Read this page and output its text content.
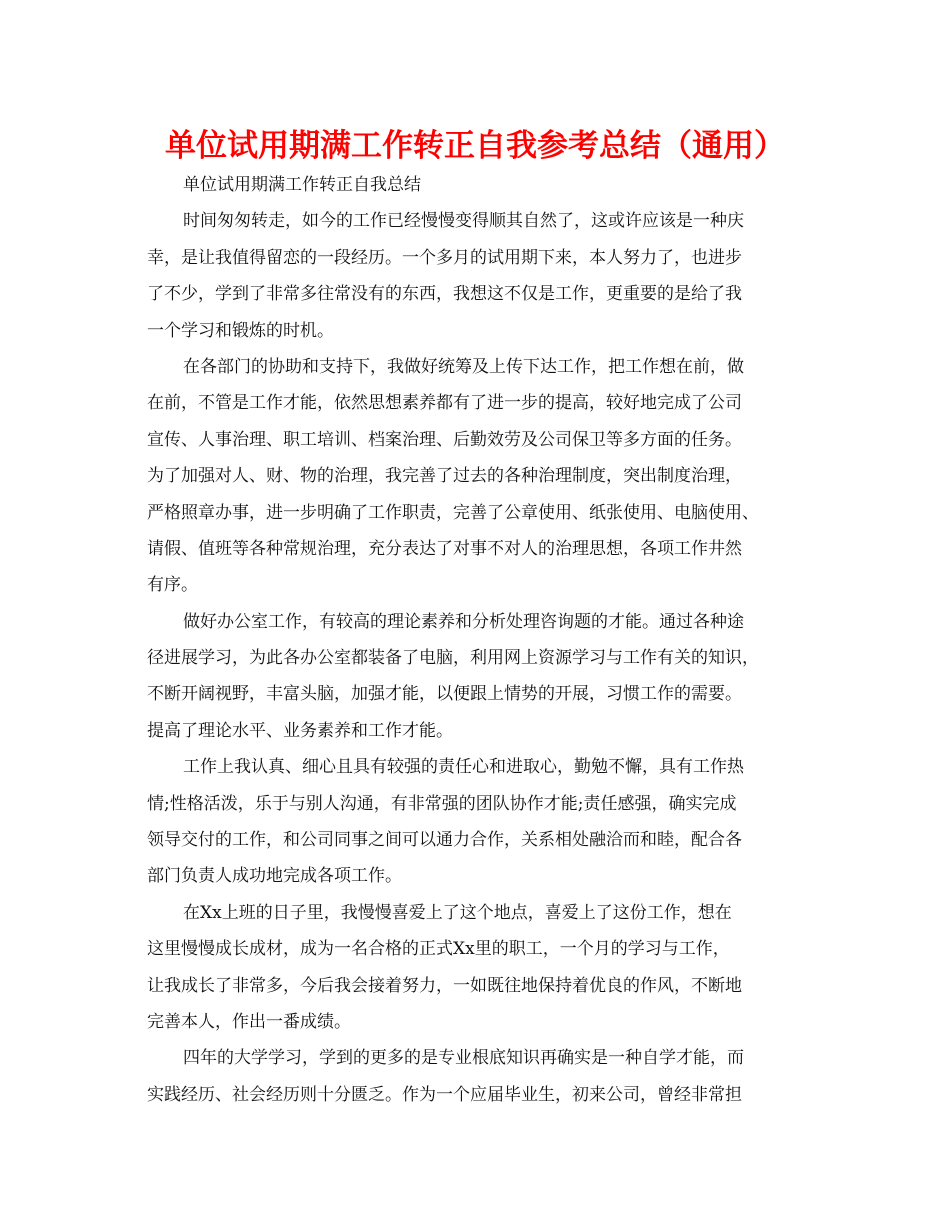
单位试用期满工作转正自我参考总结（通用）

单位试用期满工作转正自我总结

时间匆匆转走，如今的工作已经慢慢变得顺其自然了，这或许应该是一种庆

幸，是让我值得留恋的一段经历。一个多月的试用期下来，本人努力了，也进步

了不少，学到了非常多往常没有的东西，我想这不仅是工作，更重要的是给了我

一个学习和锻炼的时机。

在各部门的协助和支持下，我做好统筹及上传下达工作，把工作想在前，做

在前，不管是工作才能，依然思想素养都有了进一步的提高，较好地完成了公司

宣传、人事治理、职工培训、档案治理、后勤效劳及公司保卫等多方面的任务。

为了加强对人、财、物的治理，我完善了过去的各种治理制度，突出制度治理，

严格照章办事，进一步明确了工作职责，完善了公章使用、纸张使用、电脑使用、

请假、值班等各种常规治理，充分表达了对事不对人的治理思想，各项工作井然

有序。

做好办公室工作，有较高的理论素养和分析处理咨询题的才能。通过各种途

径进展学习，为此各办公室都装备了电脑，利用网上资源学习与工作有关的知识，

不断开阔视野，丰富头脑，加强才能，以便跟上情势的开展，习惯工作的需要。

提高了理论水平、业务素养和工作才能。

工作上我认真、细心且具有较强的责任心和进取心，勤勉不懈，具有工作热

情;性格活泼，乐于与别人沟通，有非常强的团队协作才能;责任感强，确实完成

领导交付的工作，和公司同事之间可以通力合作，关系相处融洽而和睦，配合各

部门负责人成功地完成各项工作。

在Xx上班的日子里，我慢慢喜爱上了这个地点，喜爱上了这份工作，想在

这里慢慢成长成材，成为一名合格的正式Xx里的职工，一个月的学习与工作，

让我成长了非常多，今后我会接着努力，一如既往地保持着优良的作风，不断地

完善本人，作出一番成绩。

四年的大学学习，学到的更多的是专业根底知识再确实是一种自学才能，而

实践经历、社会经历则十分匮乏。作为一个应届毕业生，初来公司，曾经非常担
